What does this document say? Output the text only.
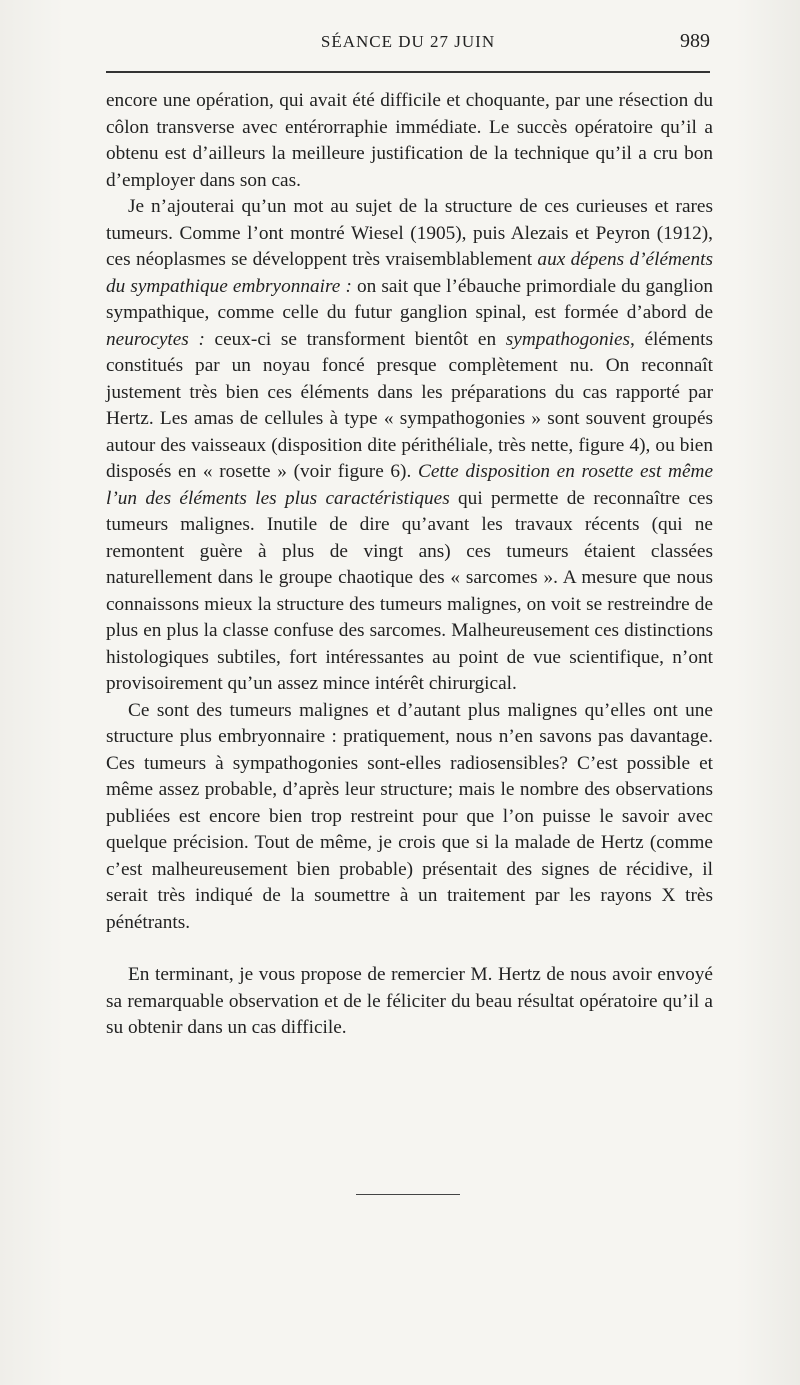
SÉANCE DU 27 JUIN	989

encore une opération, qui avait été difficile et choquante, par une résection du côlon transverse avec entérorraphie immédiate. Le succès opératoire qu’il a obtenu est d’ailleurs la meilleure justification de la technique qu’il a cru bon d’employer dans son cas.

Je n’ajouterai qu’un mot au sujet de la structure de ces curieuses et rares tumeurs. Comme l’ont montré Wiesel (1905), puis Alezais et Peyron (1912), ces néoplasmes se développent très vraisemblablement aux dépens d’éléments du sympathique embryonnaire : on sait que l’ébauche primordiale du ganglion sympathique, comme celle du futur ganglion spinal, est formée d’abord de neurocytes : ceux-ci se transforment bientôt en sympathogonies, éléments constitués par un noyau foncé presque complètement nu. On reconnaît justement très bien ces éléments dans les préparations du cas rapporté par Hertz. Les amas de cellules à type « sympathogonies » sont souvent groupés autour des vaisseaux (disposition dite périthéliale, très nette, figure 4), ou bien disposés en « rosette » (voir figure 6). Cette disposition en rosette est même l’un des éléments les plus caractéristiques qui permette de reconnaître ces tumeurs malignes. Inutile de dire qu’avant les travaux récents (qui ne remontent guère à plus de vingt ans) ces tumeurs étaient classées naturellement dans le groupe chaotique des « sarcomes ». A mesure que nous connaissons mieux la structure des tumeurs malignes, on voit se restreindre de plus en plus la classe confuse des sarcomes. Malheureusement ces distinctions histologiques subtiles, fort intéressantes au point de vue scientifique, n’ont provisoirement qu’un assez mince intérêt chirurgical.

Ce sont des tumeurs malignes et d’autant plus malignes qu’elles ont une structure plus embryonnaire : pratiquement, nous n’en savons pas davantage. Ces tumeurs à sympathogonies sont-elles radiosensibles? C’est possible et même assez probable, d’après leur structure; mais le nombre des observations publiées est encore bien trop restreint pour que l’on puisse le savoir avec quelque précision. Tout de même, je crois que si la malade de Hertz (comme c’est malheureusement bien probable) présentait des signes de récidive, il serait très indiqué de la soumettre à un traitement par les rayons X très pénétrants.

En terminant, je vous propose de remercier M. Hertz de nous avoir envoyé sa remarquable observation et de le féliciter du beau résultat opératoire qu’il a su obtenir dans un cas difficile.
